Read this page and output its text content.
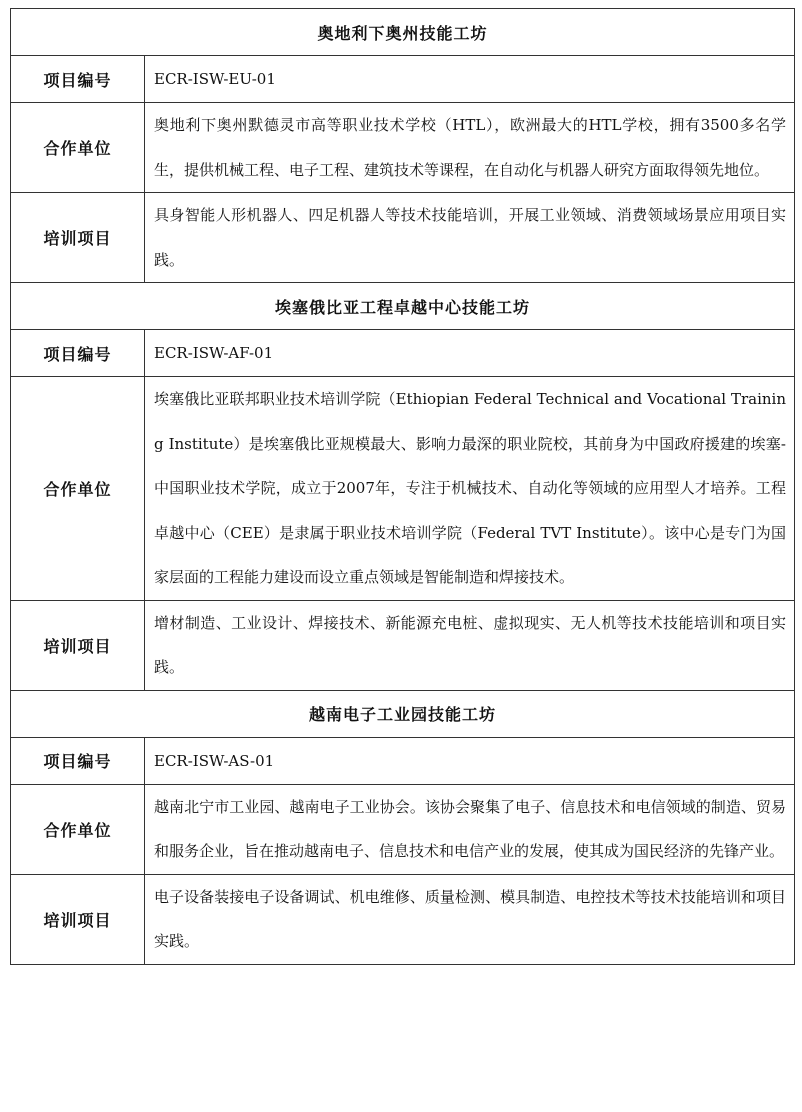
奥地利下奥州技能工坊	
项目编号	ECR-ISW-EU-01
合作单位	奥地利下奥州默德灵市高等职业技术学校（HTL），欧洲最大的HTL学校，拥有3500多名学生，提供机械工程、电子工程、建筑技术等课程，在自动化与机器人研究方面取得领先地位。
培训项目	具身智能人形机器人、四足机器人等技术技能培训，开展工业领域、消费领域场景应用项目实践。
埃塞俄比亚工程卓越中心技能工坊	
项目编号	ECR-ISW-AF-01
合作单位	埃塞俄比亚联邦职业技术培训学院（Ethiopian Federal Technical and Vocational Training Institute）是埃塞俄比亚规模最大、影响力最深的职业院校，其前身为中国政府援建的埃塞-中国职业技术学院，成立于2007年，专注于机械技术、自动化等领域的应用型人才培养。工程卓越中心（CEE）是隶属于职业技术培训学院（Federal TVT Institute）。该中心是专门为国家层面的工程能力建设而设立重点领域是智能制造和焊接技术。
培训项目	增材制造、工业设计、焊接技术、新能源充电桩、虚拟现实、无人机等技术技能培训和项目实践。
越南电子工业园技能工坊	
项目编号	ECR-ISW-AS-01
合作单位	越南北宁市工业园、越南电子工业协会。该协会聚集了电子、信息技术和电信领域的制造、贸易和服务企业，旨在推动越南电子、信息技术和电信产业的发展，使其成为国民经济的先锋产业。
培训项目	电子设备装接电子设备调试、机电维修、质量检测、模具制造、电控技术等技术技能培训和项目实践。
